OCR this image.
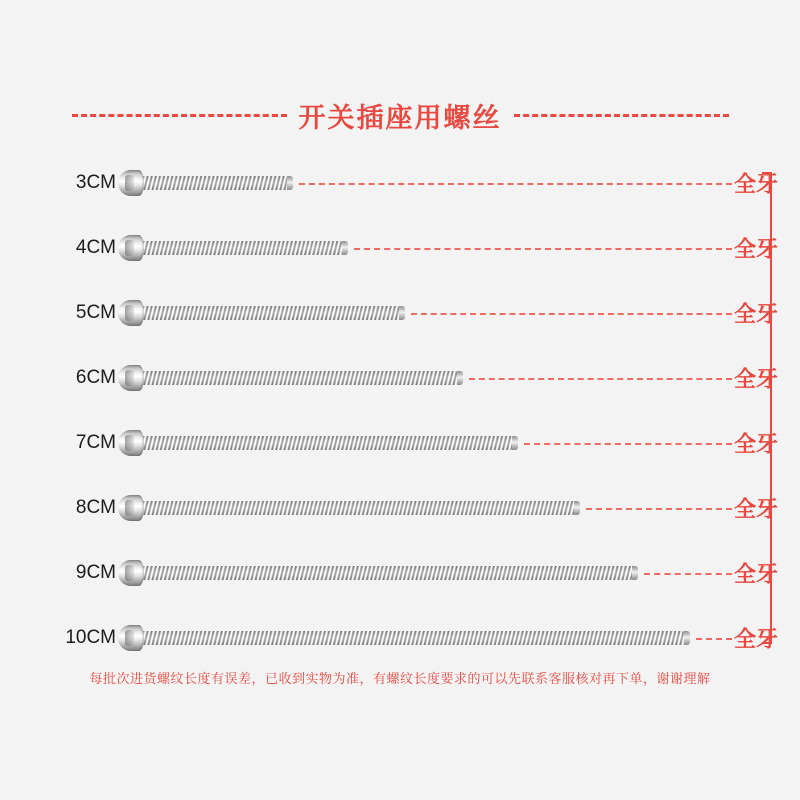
开关插座用螺丝
3CM	全牙
4CM	全牙
5CM	全牙
6CM	全牙
7CM	全牙
8CM	全牙
9CM	全牙
10CM	全牙
每批次进货螺纹长度有误差，已收到实物为准，有螺纹长度要求的可以先联系客服核对再下单，谢谢理解
